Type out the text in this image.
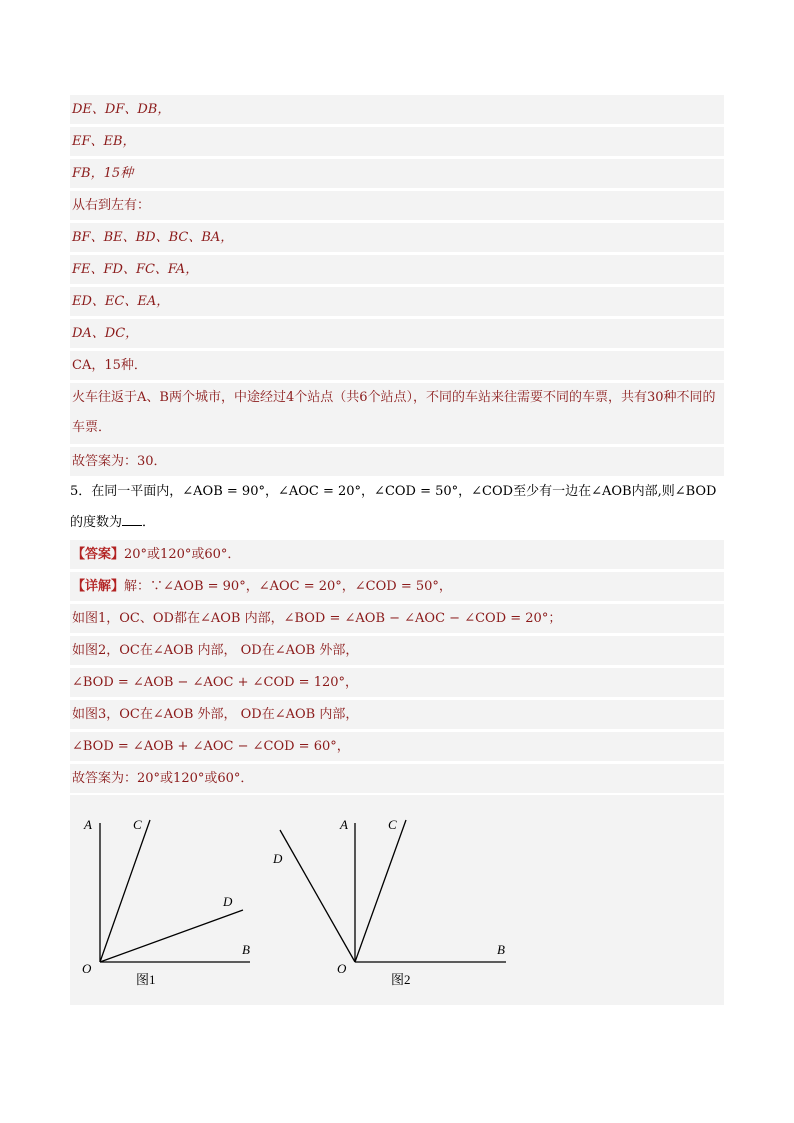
DE、DF、DB，
EF、EB，
FB，15种
从右到左有：
BF、BE、BD、BC、BA，
FE、FD、FC、FA，
ED、EC、EA，
DA、DC，
CA，15种．
火车往返于A、B两个城市，中途经过4个站点（共6个站点），不同的车站来往需要不同的车票，共有30种不同的车票．
故答案为：30．
5．在同一平面内，∠AOB = 90°，∠AOC = 20°，∠COD = 50°，∠COD至少有一边在∠AOB内部,则∠BOD的度数为 ．
【答案】20°或120°或60°．
【详解】解：∵∠AOB = 90°，∠AOC = 20°，∠COD = 50°，
如图1，OC、OD都在∠AOB 内部，∠BOD = ∠AOB − ∠AOC − ∠COD = 20°；
如图2，OC在∠AOB 内部， OD在∠AOB 外部，
∠BOD = ∠AOB − ∠AOC + ∠COD = 120°，
如图3，OC在∠AOB 外部， OD在∠AOB 内部，
∠BOD = ∠AOB + ∠AOC − ∠COD = 60°，
故答案为：20°或120°或60°．
A	C
D
B
O
图1
A	C
D
B
O
图2
